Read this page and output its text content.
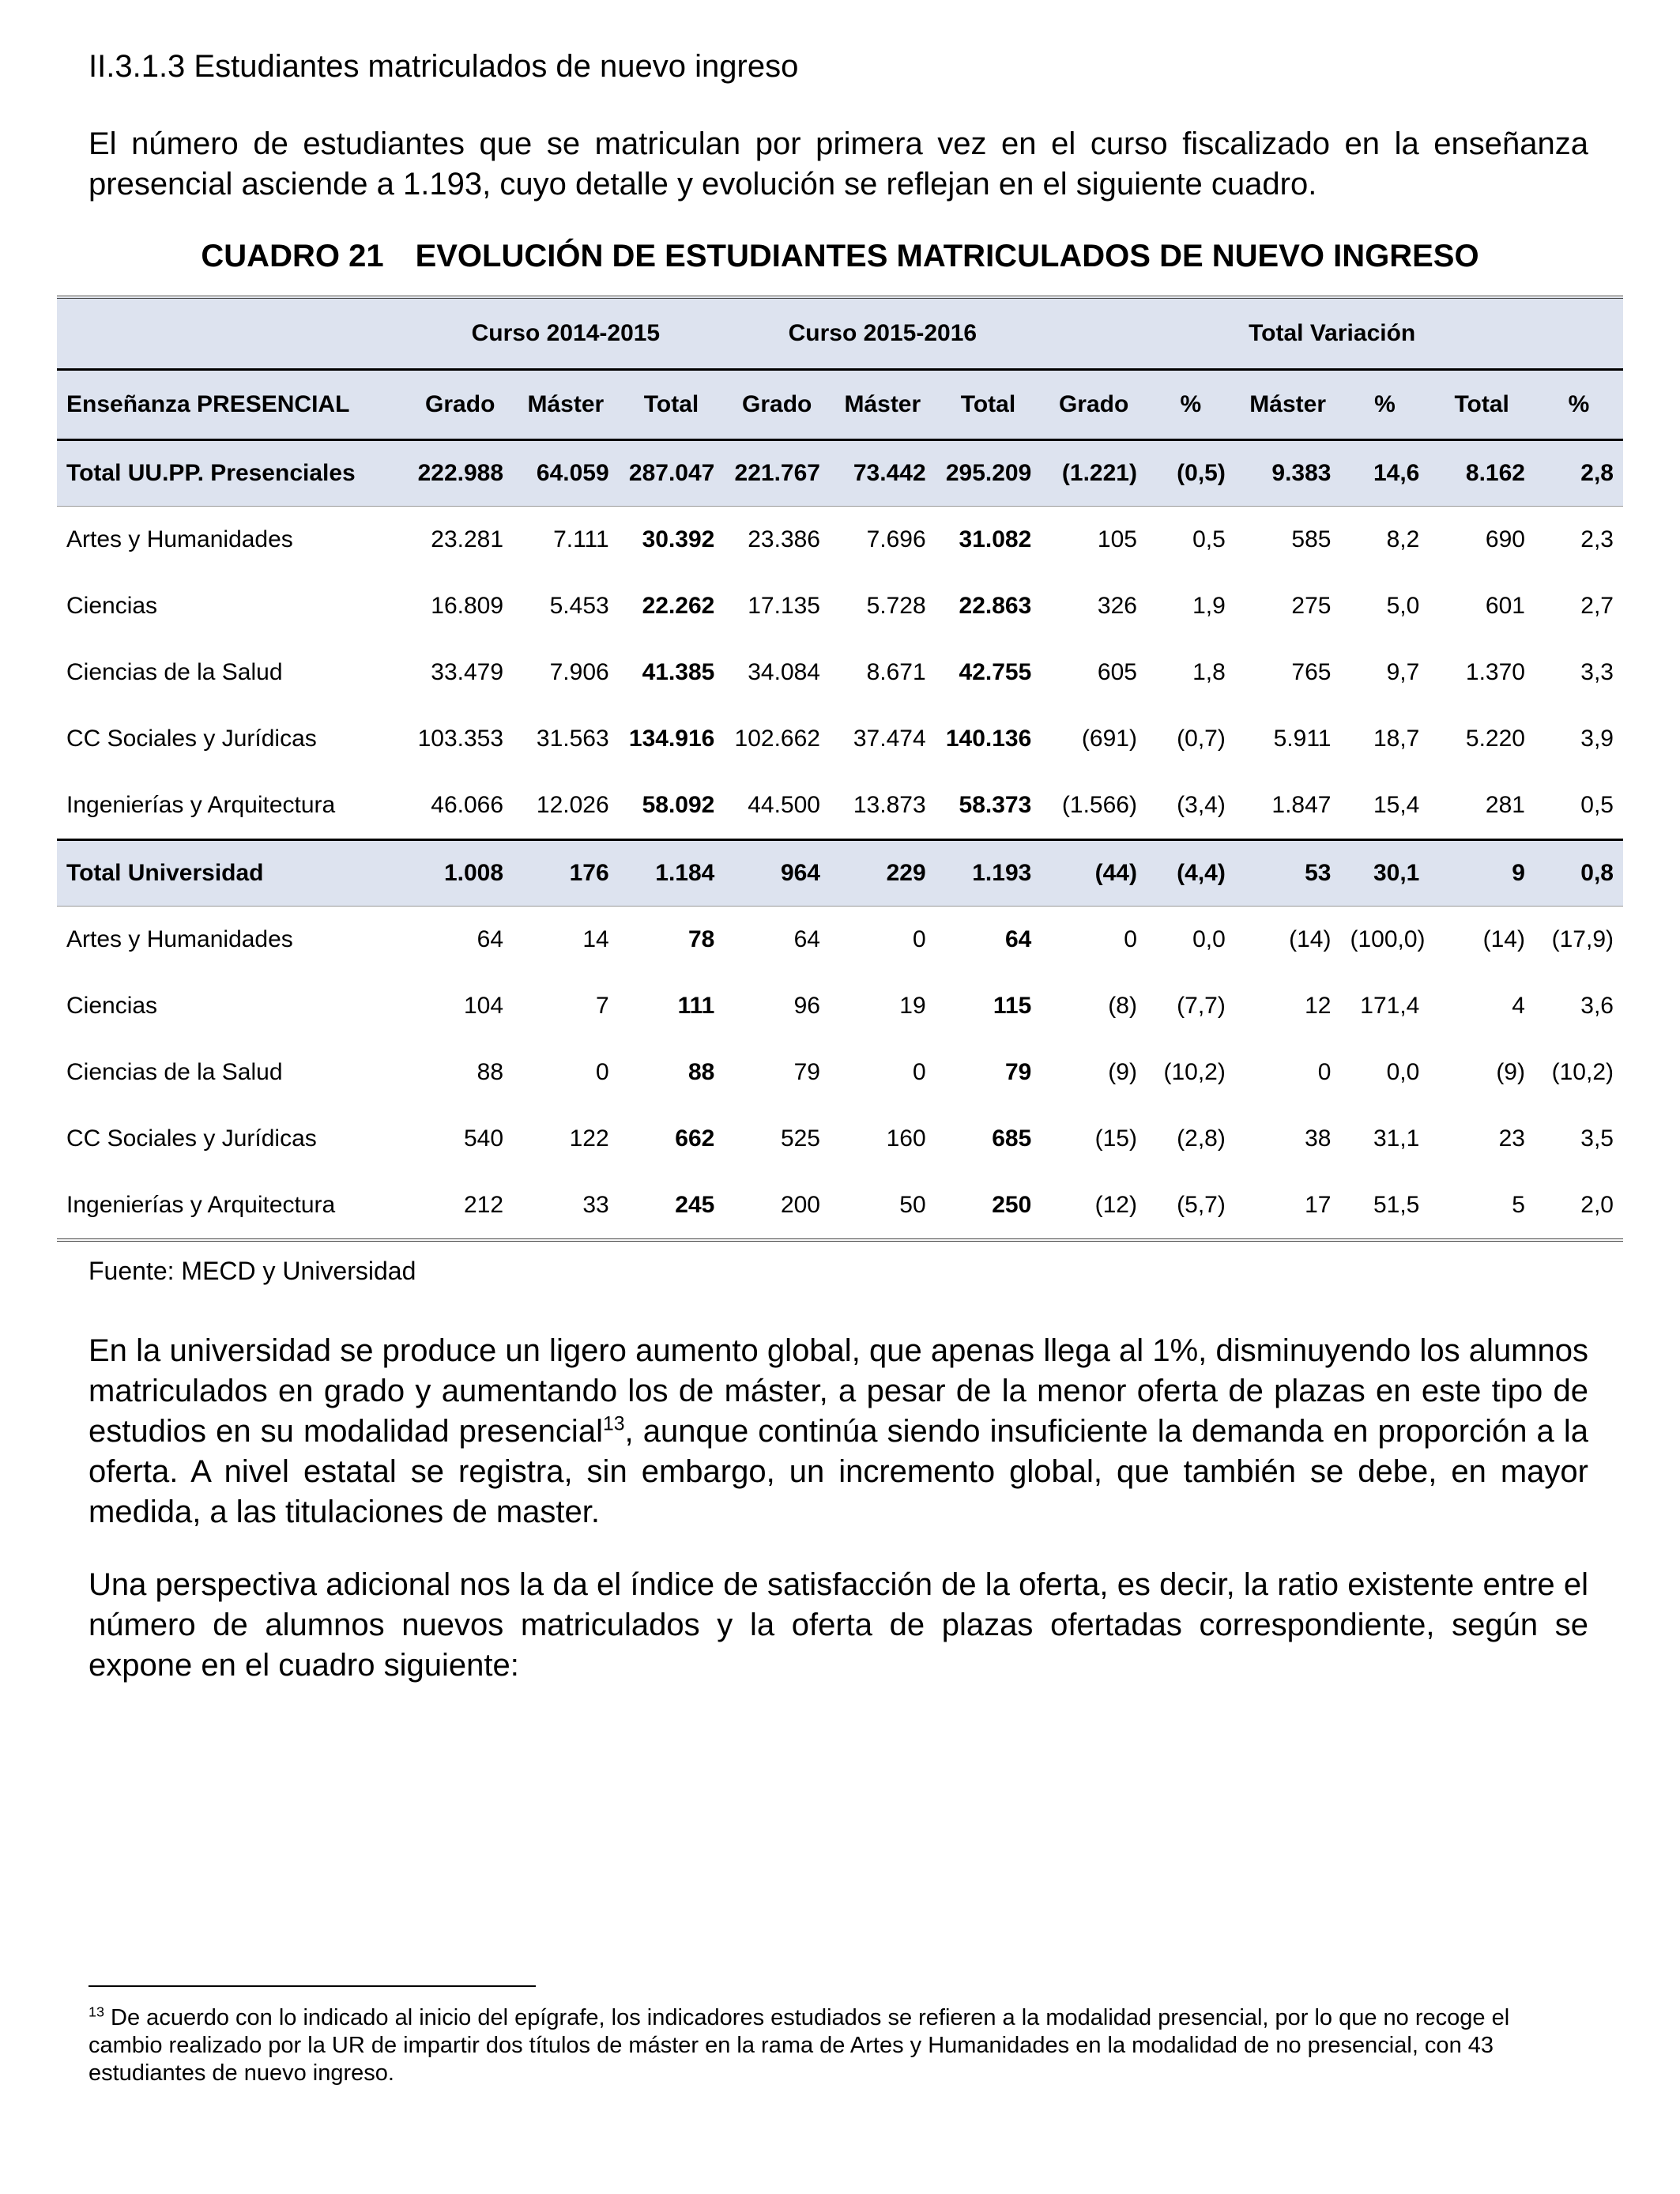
II.3.1.3 Estudiantes matriculados de nuevo ingreso

El número de estudiantes que se matriculan por primera vez en el curso fiscalizado en la enseñanza presencial asciende a 1.193, cuyo detalle y evolución se reflejan en el siguiente cuadro.

CUADRO 21 EVOLUCIÓN DE ESTUDIANTES MATRICULADOS DE NUEVO INGRESO
	Curso 2014-2015			Curso 2015-2016			Total Variación					
Enseñanza PRESENCIAL	Grado	Máster	Total	Grado	Máster	Total	Grado	%	Máster	%	Total	%
Total UU.PP. Presenciales	222.988	64.059	287.047	221.767	73.442	295.209	(1.221)	(0,5)	9.383	14,6	8.162	2,8
Artes y Humanidades	23.281	7.111	30.392	23.386	7.696	31.082	105	0,5	585	8,2	690	2,3
Ciencias	16.809	5.453	22.262	17.135	5.728	22.863	326	1,9	275	5,0	601	2,7
Ciencias de la Salud	33.479	7.906	41.385	34.084	8.671	42.755	605	1,8	765	9,7	1.370	3,3
CC Sociales y Jurídicas	103.353	31.563	134.916	102.662	37.474	140.136	(691)	(0,7)	5.911	18,7	5.220	3,9
Ingenierías y Arquitectura	46.066	12.026	58.092	44.500	13.873	58.373	(1.566)	(3,4)	1.847	15,4	281	0,5
Total Universidad	1.008	176	1.184	964	229	1.193	(44)	(4,4)	53	30,1	9	0,8
Artes y Humanidades	64	14	78	64	0	64	0	0,0	(14)	(100,0)	(14)	(17,9)
Ciencias	104	7	111	96	19	115	(8)	(7,7)	12	171,4	4	3,6
Ciencias de la Salud	88	0	88	79	0	79	(9)	(10,2)	0	0,0	(9)	(10,2)
CC Sociales y Jurídicas	540	122	662	525	160	685	(15)	(2,8)	38	31,1	23	3,5
Ingenierías y Arquitectura	212	33	245	200	50	250	(12)	(5,7)	17	51,5	5	2,0

Fuente: MECD y Universidad

En la universidad se produce un ligero aumento global, que apenas llega al 1%, disminuyendo los alumnos matriculados en grado y aumentando los de máster, a pesar de la menor oferta de plazas en este tipo de estudios en su modalidad presencial$^{13}$, aunque continúa siendo insuficiente la demanda en proporción a la oferta. A nivel estatal se registra, sin embargo, un incremento global, que también se debe, en mayor medida, a las titulaciones de master.

Una perspectiva adicional nos la da el índice de satisfacción de la oferta, es decir, la ratio existente entre el número de alumnos nuevos matriculados y la oferta de plazas ofertadas correspondiente, según se expone en el cuadro siguiente:

$^{13}$ De acuerdo con lo indicado al inicio del epígrafe, los indicadores estudiados se refieren a la modalidad presencial, por lo que no recoge el cambio realizado por la UR de impartir dos títulos de máster en la rama de Artes y Humanidades en la modalidad de no presencial, con 43 estudiantes de nuevo ingreso.
